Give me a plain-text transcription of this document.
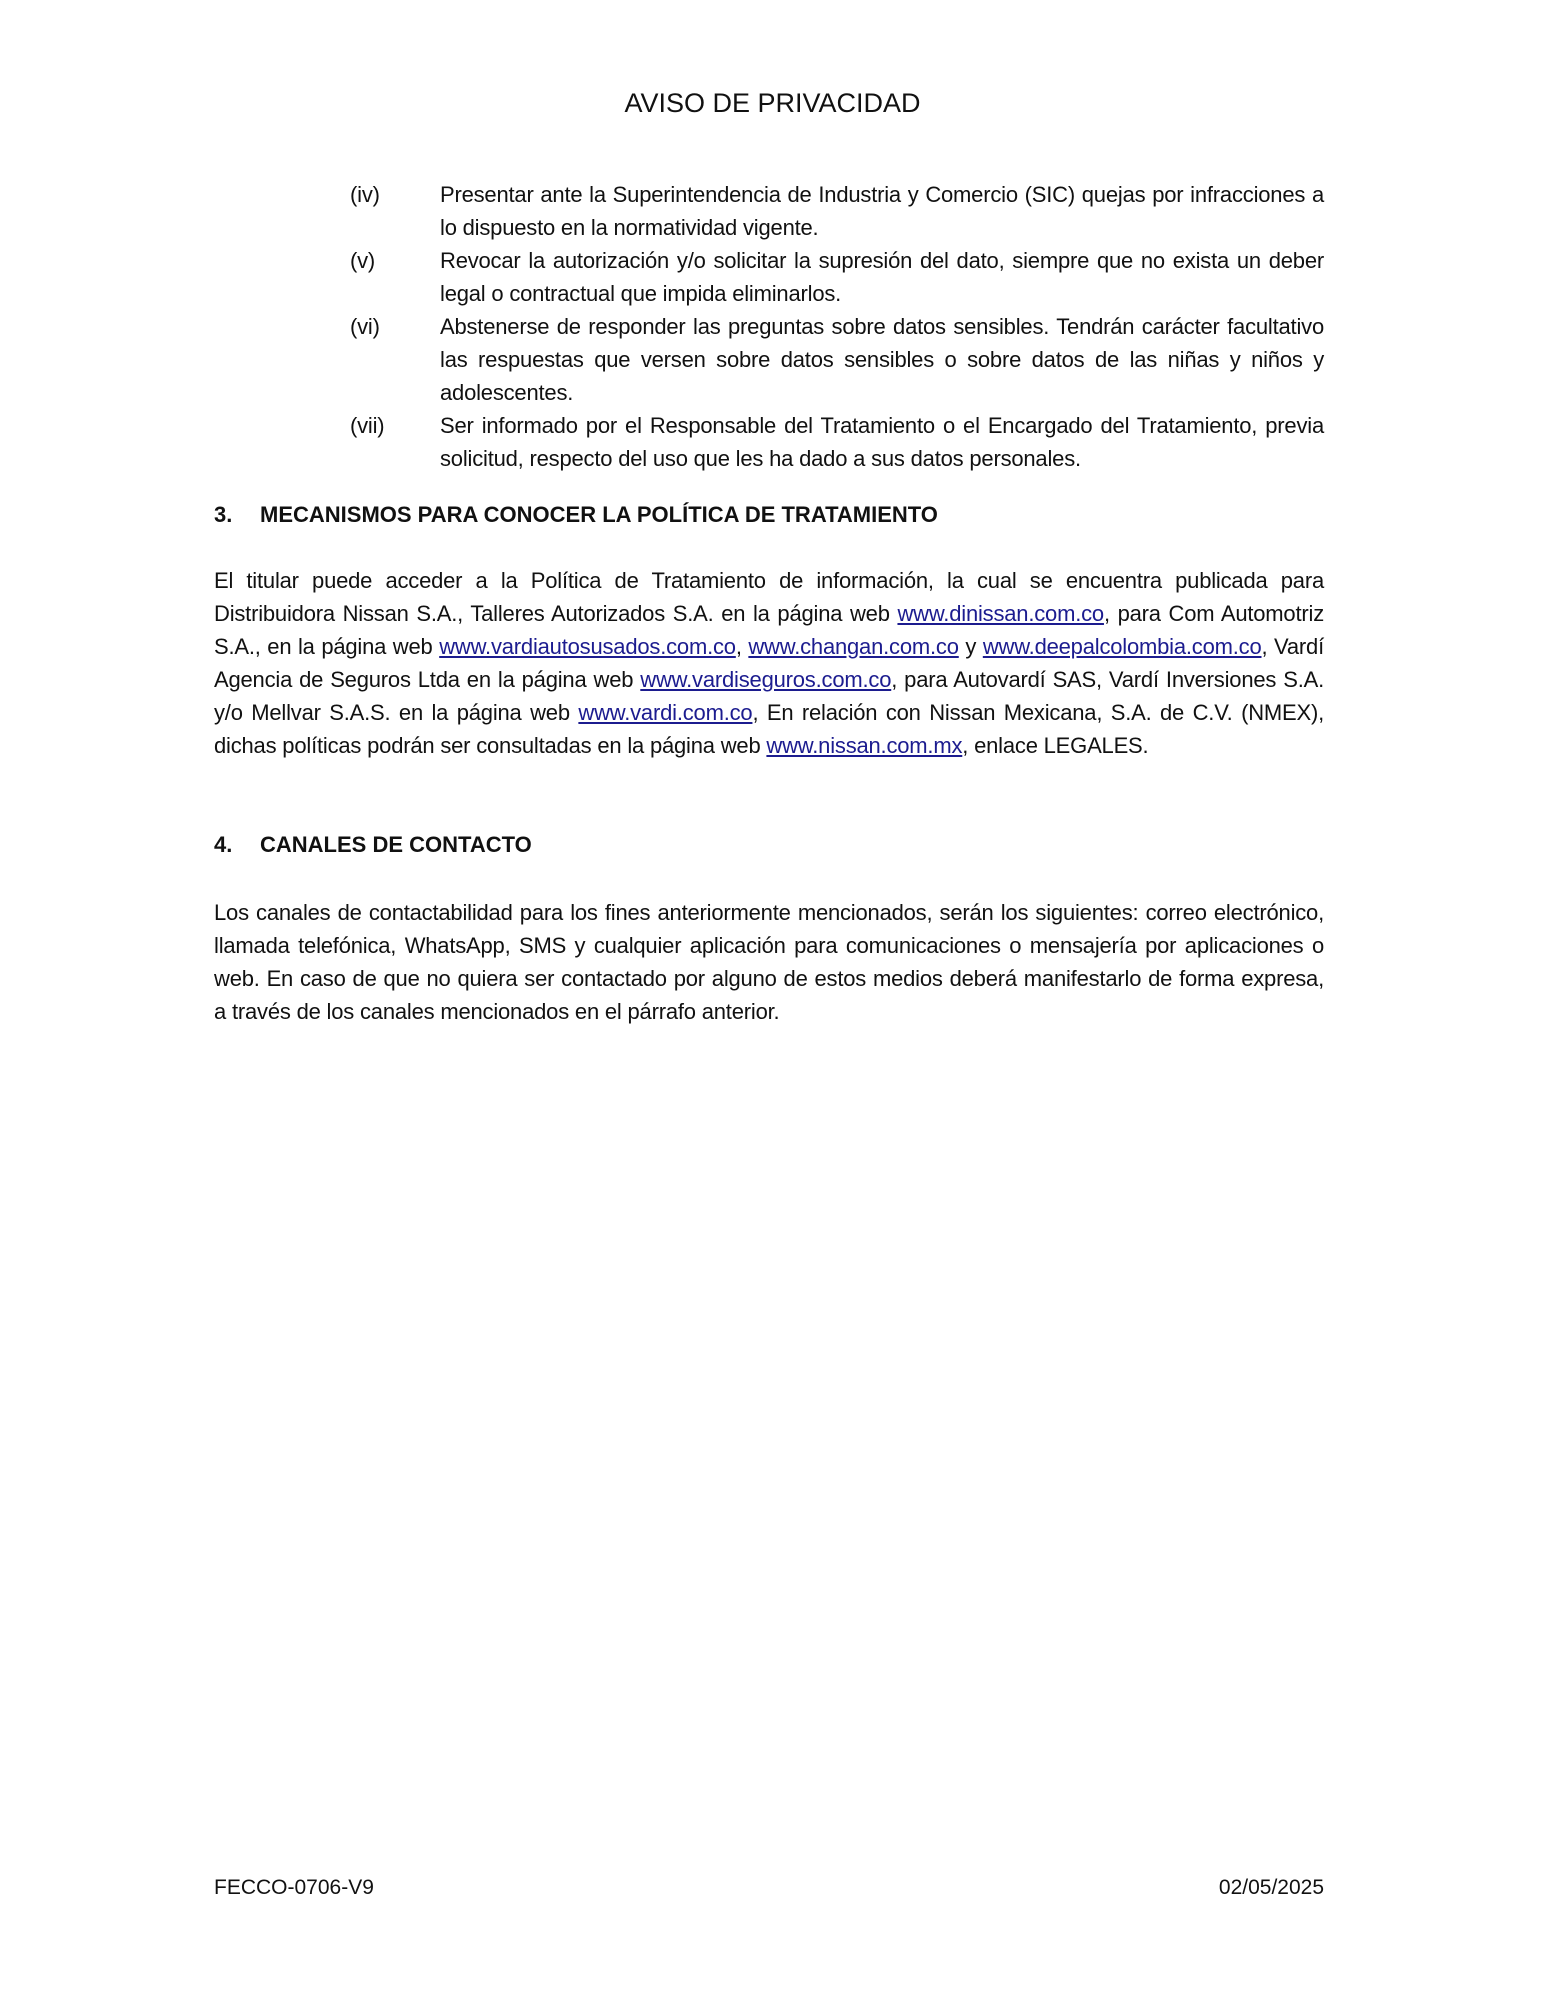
AVISO DE PRIVACIDAD
(iv)	Presentar ante la Superintendencia de Industria y Comercio (SIC) quejas por infracciones a lo dispuesto en la normatividad vigente.
(v)	Revocar la autorización y/o solicitar la supresión del dato, siempre que no exista un deber legal o contractual que impida eliminarlos.
(vi)	Abstenerse de responder las preguntas sobre datos sensibles. Tendrán carácter facultativo las respuestas que versen sobre datos sensibles o sobre datos de las niñas y niños y adolescentes.
(vii)	Ser informado por el Responsable del Tratamiento o el Encargado del Tratamiento, previa solicitud, respecto del uso que les ha dado a sus datos personales.
3. MECANISMOS PARA CONOCER LA POLÍTICA DE TRATAMIENTO
El titular puede acceder a la Política de Tratamiento de información, la cual se encuentra publicada para Distribuidora Nissan S.A., Talleres Autorizados S.A. en la página web www.dinissan.com.co, para Com Automotriz S.A., en la página web www.vardiautosusados.com.co, www.changan.com.co y www.deepalcolombia.com.co, Vardí Agencia de Seguros Ltda en la página web www.vardiseguros.com.co, para Autovardí SAS, Vardí Inversiones S.A. y/o Mellvar S.A.S. en la página web www.vardi.com.co, En relación con Nissan Mexicana, S.A. de C.V. (NMEX), dichas políticas podrán ser consultadas en la página web www.nissan.com.mx, enlace LEGALES.
4. CANALES DE CONTACTO
Los canales de contactabilidad para los fines anteriormente mencionados, serán los siguientes: correo electrónico, llamada telefónica, WhatsApp, SMS y cualquier aplicación para comunicaciones o mensajería por aplicaciones o web. En caso de que no quiera ser contactado por alguno de estos medios deberá manifestarlo de forma expresa, a través de los canales mencionados en el párrafo anterior.
FECCO-0706-V9	02/05/2025
